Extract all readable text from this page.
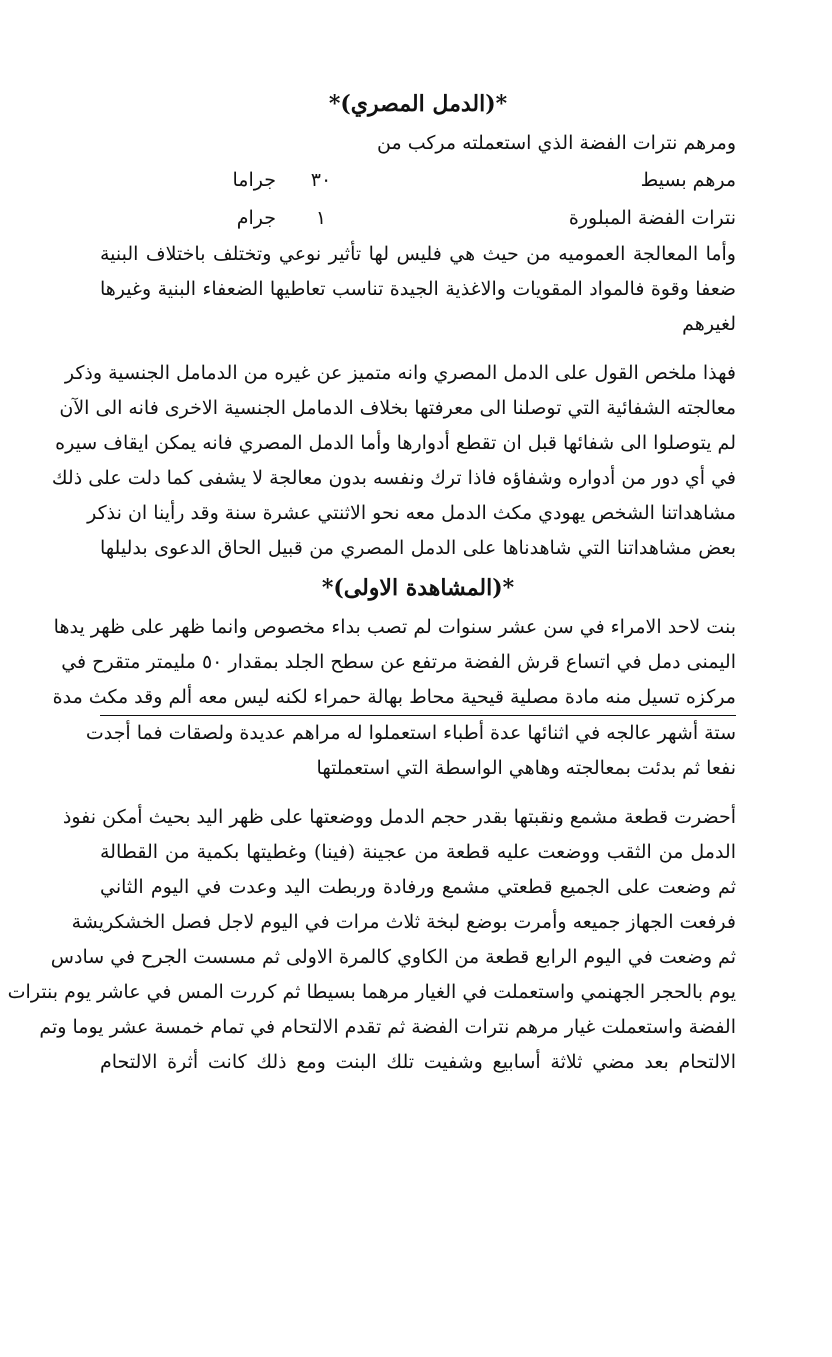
*(الدمل المصري)*
ومرهم نترات الفضة الذي استعملته مركب من
مرهم بسيط
٣٠
جراما
نترات الفضة المبلورة
١
جرام
وأما المعالجة العموميه من حيث هي فليس لها تأثير نوعي وتختلف باختلاف البنية
ضعفا وقوة فالمواد المقويات والاغذية الجيدة تناسب تعاطيها الضعفاء البنية وغيرها
لغيرهم
فهذا ملخص القول على الدمل المصري وانه متميز عن غيره من الدمامل الجنسية وذكر
معالجته الشفائية التي توصلنا الى معرفتها بخلاف الدمامل الجنسية الاخرى فانه الى الآن
لم يتوصلوا الى شفائها قبل ان تقطع أدوارها وأما الدمل المصري فانه يمكن ايقاف سيره
في أي دور من أدواره وشفاؤه فاذا ترك ونفسه بدون معالجة لا يشفى كما دلت على ذلك
مشاهداتنا الشخص يهودي مكث الدمل معه نحو الاثنتي عشرة سنة وقد رأينا ان نذكر
بعض مشاهداتنا التي شاهدناها على الدمل المصري من قبيل الحاق الدعوى بدليلها
*(المشاهدة الاولى)*
بنت لاحد الامراء في سن عشر سنوات لم تصب بداء مخصوص وانما ظهر على ظهر يدها
اليمنى دمل في اتساع قرش الفضة مرتفع عن سطح الجلد بمقدار ٥٠ مليمتر متقرح في
مركزه تسيل منه مادة مصلية قيحية محاط بهالة حمراء لكنه ليس معه ألم وقد مكث مدة
ستة أشهر عالجه في اثنائها عدة أطباء استعملوا له مراهم عديدة ولصقات فما أجدت
نفعا ثم بدئت بمعالجته وهاهي الواسطة التي استعملتها
أحضرت قطعة مشمع ونقبتها بقدر حجم الدمل ووضعتها على ظهر اليد بحيث أمكن نفوذ
الدمل من الثقب ووضعت عليه قطعة من عجينة (فينا) وغطيتها بكمية من القطالة
ثم وضعت على الجميع قطعتي مشمع ورفادة وربطت اليد وعدت في اليوم الثاني
فرفعت الجهاز جميعه وأمرت بوضع لبخة ثلاث مرات في اليوم لاجل فصل الخشكريشة
ثم وضعت في اليوم الرابع قطعة من الكاوي كالمرة الاولى ثم مسست الجرح في سادس
يوم بالحجر الجهنمي واستعملت في الغيار مرهما بسيطا ثم كررت المس في عاشر يوم بنترات
الفضة واستعملت غيار مرهم نترات الفضة ثم تقدم الالتحام في تمام خمسة عشر يوما وتم
الالتحام بعد مضي ثلاثة أسابيع وشفيت تلك البنت ومع ذلك كانت أثرة الالتحام
